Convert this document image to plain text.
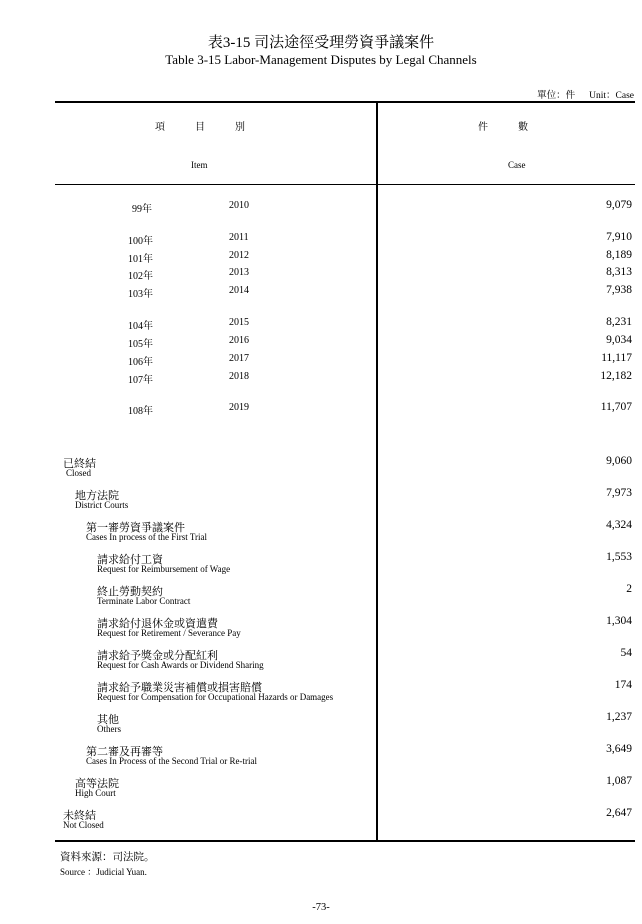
表3-15 司法途徑受理勞資爭議案件
Table 3-15 Labor-Management Disputes by Legal Channels
單位：件 Unit：Case
項　　　目　　　別
Item
件　　　數
Case
99年	2010	9,079
100年	2011	7,910
101年	2012	8,189
102年	2013	8,313
103年	2014	7,938
104年	2015	8,231
105年	2016	9,034
106年	2017	11,117
107年	2018	12,182
108年	2019	11,707
已終結
Closed
9,060
地方法院
District Courts
7,973
第一審勞資爭議案件
Cases In process of the First Trial
4,324
請求給付工資
Request for Reimbursement of Wage
1,553
終止勞動契約
Terminate Labor Contract
2
請求給付退休金或資遣費
Request for Retirement / Severance Pay
1,304
請求給予獎金或分配紅利
Request for Cash Awards or Dividend Sharing
54
請求給予職業災害補償或損害賠償
Request for Compensation for Occupational Hazards or Damages
174
其他
Others
1,237
第二審及再審等
Cases In Process of the Second Trial or Re-trial
3,649
高等法院
High Court
1,087
未終結
Not Closed
2,647
資料來源：司法院。
Source ：Judicial Yuan.
-73-
